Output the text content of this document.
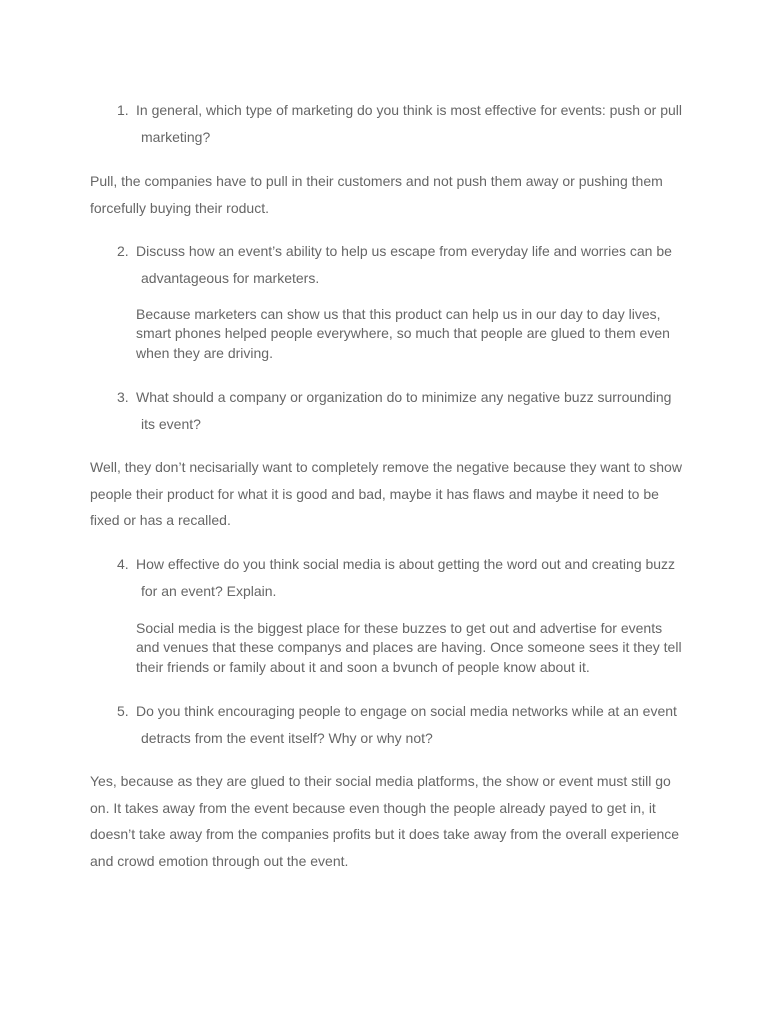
1. In general, which type of marketing do you think is most effective for events: push or pull
marketing?
Pull, the companies have to pull in their customers and not push them away or pushing them
forcefully buying their roduct.
2. Discuss how an event’s ability to help us escape from everyday life and worries can be
advantageous for marketers.
Because marketers can show us that this product can help us in our day to day lives,
smart phones helped people everywhere, so much that people are glued to them even
when they are driving.
3. What should a company or organization do to minimize any negative buzz surrounding
its event?
Well, they don’t necisarially want to completely remove the negative because they want to show
people their product for what it is good and bad, maybe it has flaws and maybe it need to be
fixed or has a recalled.
4. How effective do you think social media is about getting the word out and creating buzz
for an event? Explain.
Social media is the biggest place for these buzzes to get out and advertise for events
and venues that these companys and places are having. Once someone sees it they tell
their friends or family about it and soon a bvunch of people know about it.
5. Do you think encouraging people to engage on social media networks while at an event
detracts from the event itself? Why or why not?
Yes, because as they are glued to their social media platforms, the show or event must still go
on. It takes away from the event because even though the people already payed to get in, it
doesn’t take away from the companies profits but it does take away from the overall experience
and crowd emotion through out the event.
